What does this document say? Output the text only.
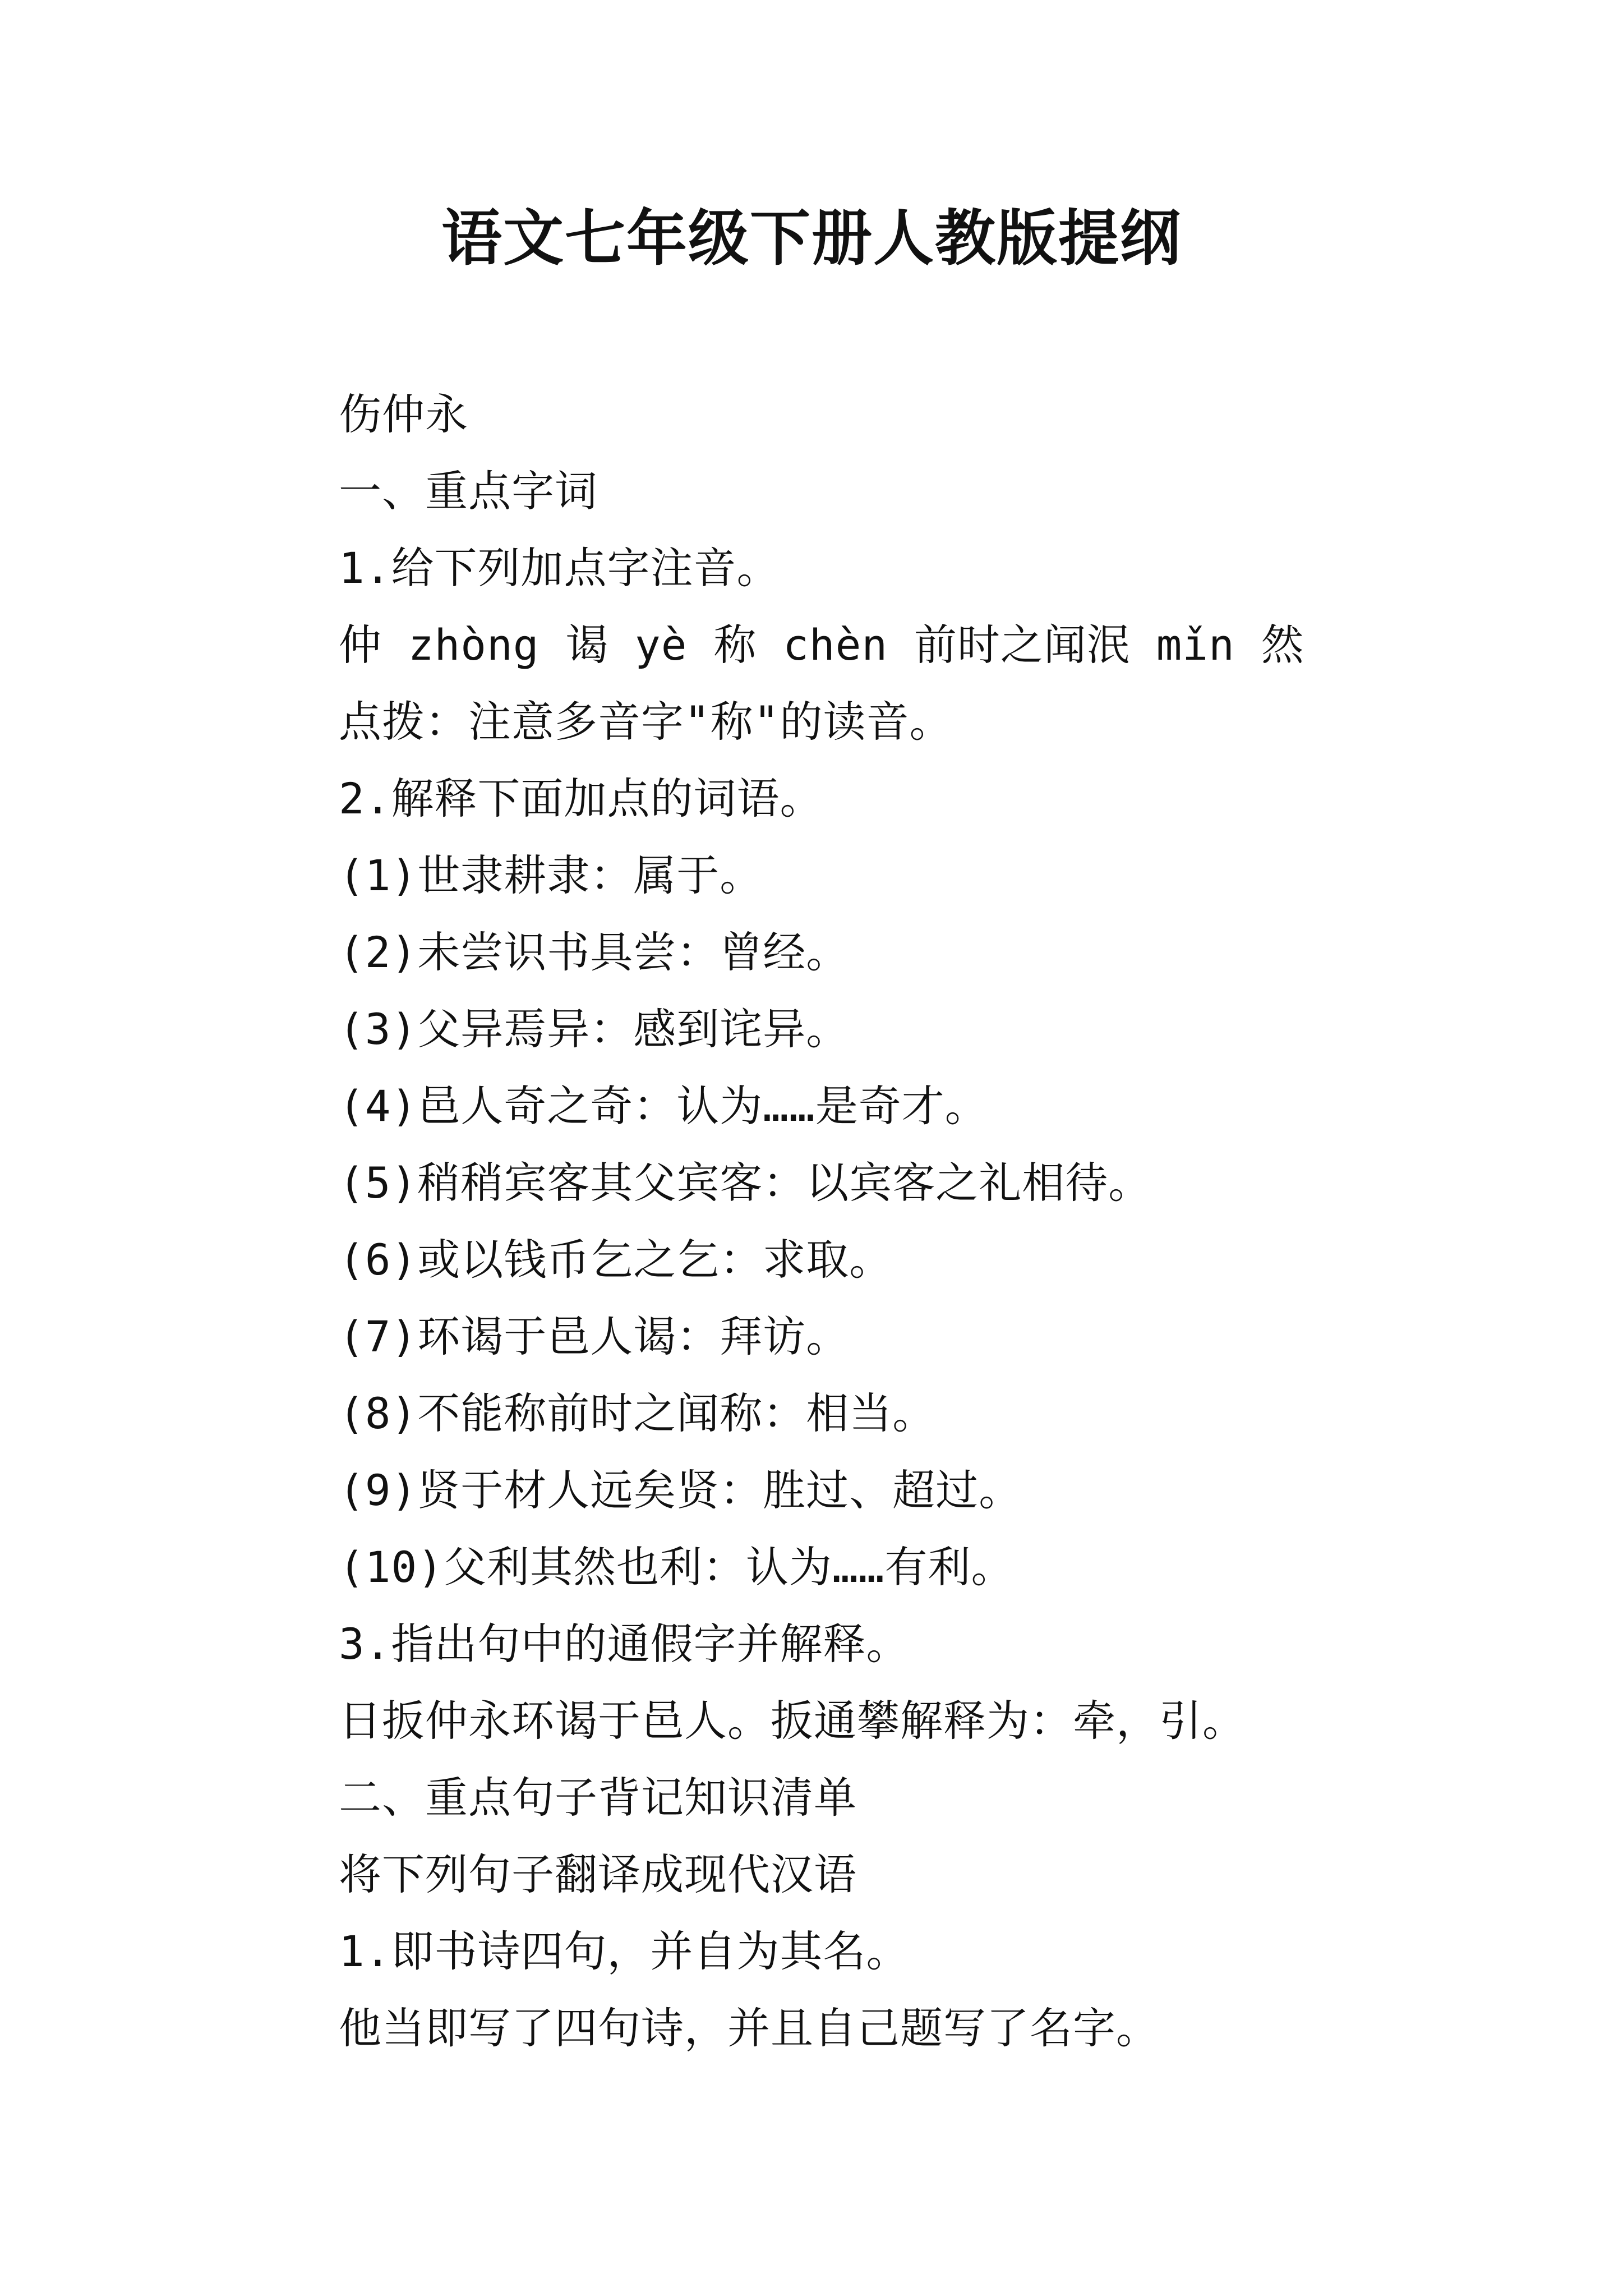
语文七年级下册人教版提纲
伤仲永
一、重点字词
1.给下列加点字注音。
仲 zhòng 谒 yè 称 chèn 前时之闻泯 mǐn 然
点拨：注意多音字"称"的读音。
2.解释下面加点的词语。
(1)世隶耕隶：属于。
(2)未尝识书具尝：曾经。
(3)父异焉异：感到诧异。
(4)邑人奇之奇：认为……是奇才。
(5)稍稍宾客其父宾客：以宾客之礼相待。
(6)或以钱币乞之乞：求取。
(7)环谒于邑人谒：拜访。
(8)不能称前时之闻称：相当。
(9)贤于材人远矣贤：胜过、超过。
(10)父利其然也利：认为……有利。
3.指出句中的通假字并解释。
日扳仲永环谒于邑人。扳通攀解释为：牵，引。
二、重点句子背记知识清单
将下列句子翻译成现代汉语
1.即书诗四句，并自为其名。
他当即写了四句诗，并且自己题写了名字。
